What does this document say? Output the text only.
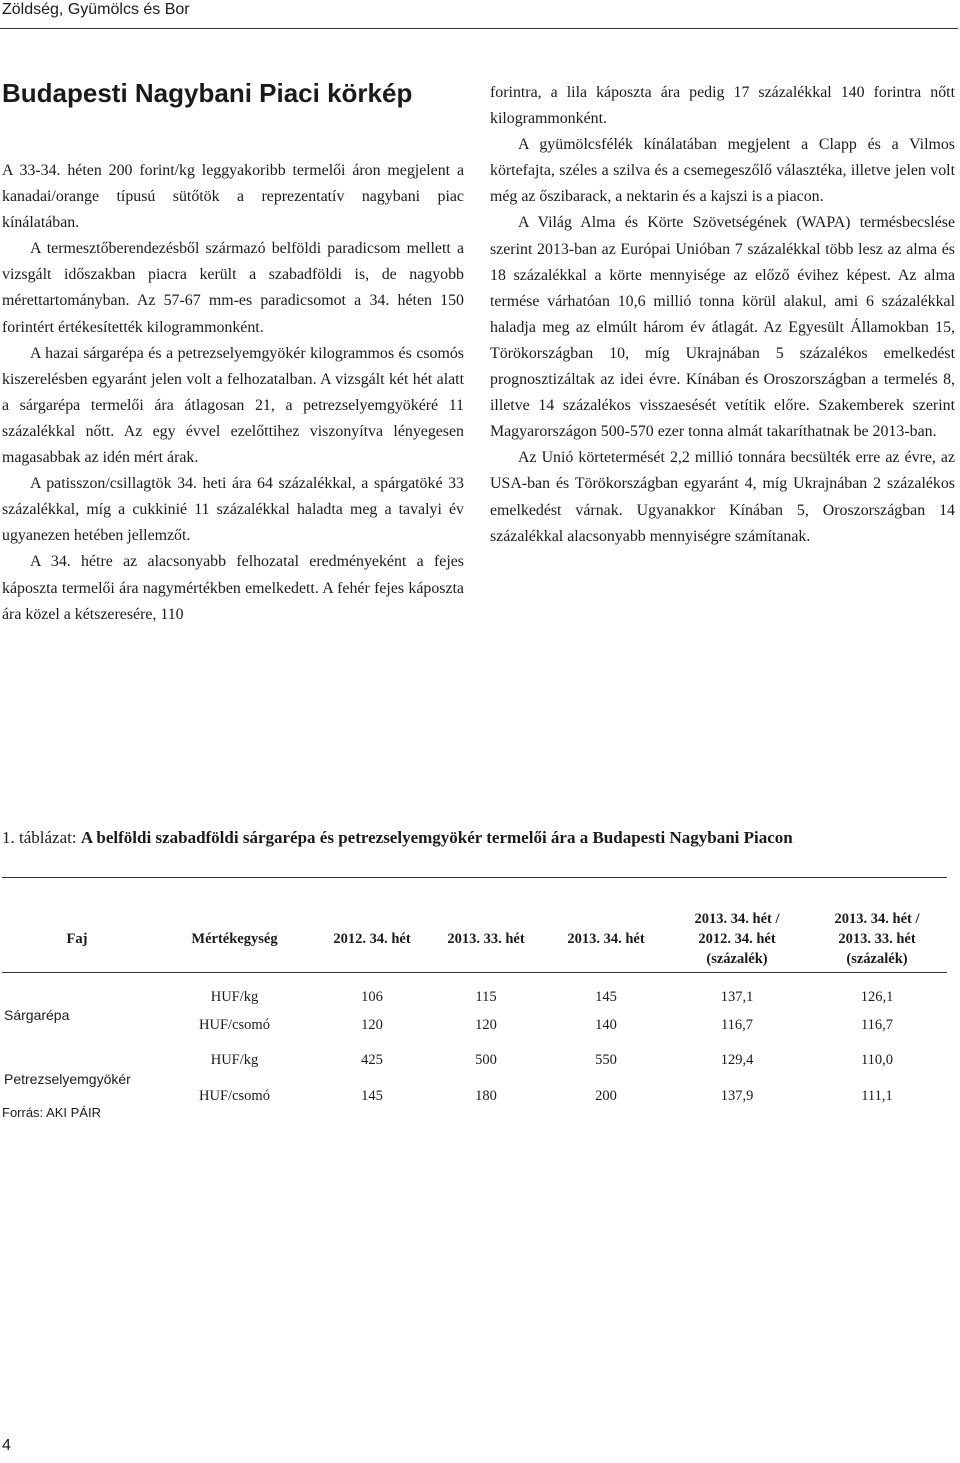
Zöldség, Gyümölcs és Bor
Budapesti Nagybani Piaci körkép

A 33-34. héten 200 forint/kg leggyakoribb termelői áron megjelent a kanadai/orange típusú sütőtök a reprezentatív nagybani piac kínálatában.

A termesztőberendezésből származó belföldi paradicsom mellett a vizsgált időszakban piacra került a szabadföldi is, de nagyobb mérettartományban. Az 57-67 mm-es paradicsomot a 34. héten 150 forintért értékesítették kilogrammonként.

A hazai sárgarépa és a petrezselyemgyökér kilogrammos és csomós kiszerelésben egyaránt jelen volt a felhozatalban. A vizsgált két hét alatt a sárgarépa termelői ára átlagosan 21, a petrezselyemgyökéré 11 százalékkal nőtt. Az egy évvel ezelőttihez viszonyítva lényegesen magasabbak az idén mért árak.

A patisszon/csillagtök 34. heti ára 64 százalékkal, a spárgatöké 33 százalékkal, míg a cukkinié 11 százalékkal haladta meg a tavalyi év ugyanezen hetében jellemzőt.

A 34. hétre az alacsonyabb felhozatal eredményeként a fejes káposzta termelői ára nagymértékben emelkedett. A fehér fejes káposzta ára közel a kétszeresére, 110

forintra, a lila káposzta ára pedig 17 százalékkal 140 forintra nőtt kilogrammonként.

A gyümölcsfélék kínálatában megjelent a Clapp és a Vilmos körtefajta, széles a szilva és a csemegeszőlő választéka, illetve jelen volt még az őszibarack, a nektarin és a kajszi is a piacon.

A Világ Alma és Körte Szövetségének (WAPA) termésbecslése szerint 2013-ban az Európai Unióban 7 százalékkal több lesz az alma és 18 százalékkal a körte mennyisége az előző évihez képest. Az alma termése várhatóan 10,6 millió tonna körül alakul, ami 6 százalékkal haladja meg az elmúlt három év átlagát. Az Egyesült Államokban 15, Törökországban 10, míg Ukrajnában 5 százalékos emelkedést prognosztizáltak az idei évre. Kínában és Oroszországban a termelés 8, illetve 14 százalékos visszaesését vetítik előre. Szakemberek szerint Magyarországon 500-570 ezer tonna almát takaríthatnak be 2013-ban.

Az Unió körtetermését 2,2 millió tonnára becsülték erre az évre, az USA-ban és Törökországban egyaránt 4, míg Ukrajnában 2 százalékos emelkedést várnak. Ugyanakkor Kínában 5, Oroszországban 14 százalékkal alacsonyabb mennyiségre számítanak.

1. táblázat: A belföldi szabadföldi sárgarépa és petrezselyemgyökér termelői ára a Budapesti Nagybani Piacon

Faj	Mértékegység	2012. 34. hét	2013. 33. hét	2013. 34. hét	2013. 34. hét /
2012. 34. hét
(százalék)	2013. 34. hét /
2013. 33. hét
(százalék)
Sárgarépa	HUF/kg	106	115	145	137,1	126,1
	HUF/csomó	120	120	140	116,7	116,7
Petrezselyemgyökér	HUF/kg	425	500	550	129,4	110,0
	HUF/csomó	145	180	200	137,9	111,1
Forrás: AKI PÁIR
4
